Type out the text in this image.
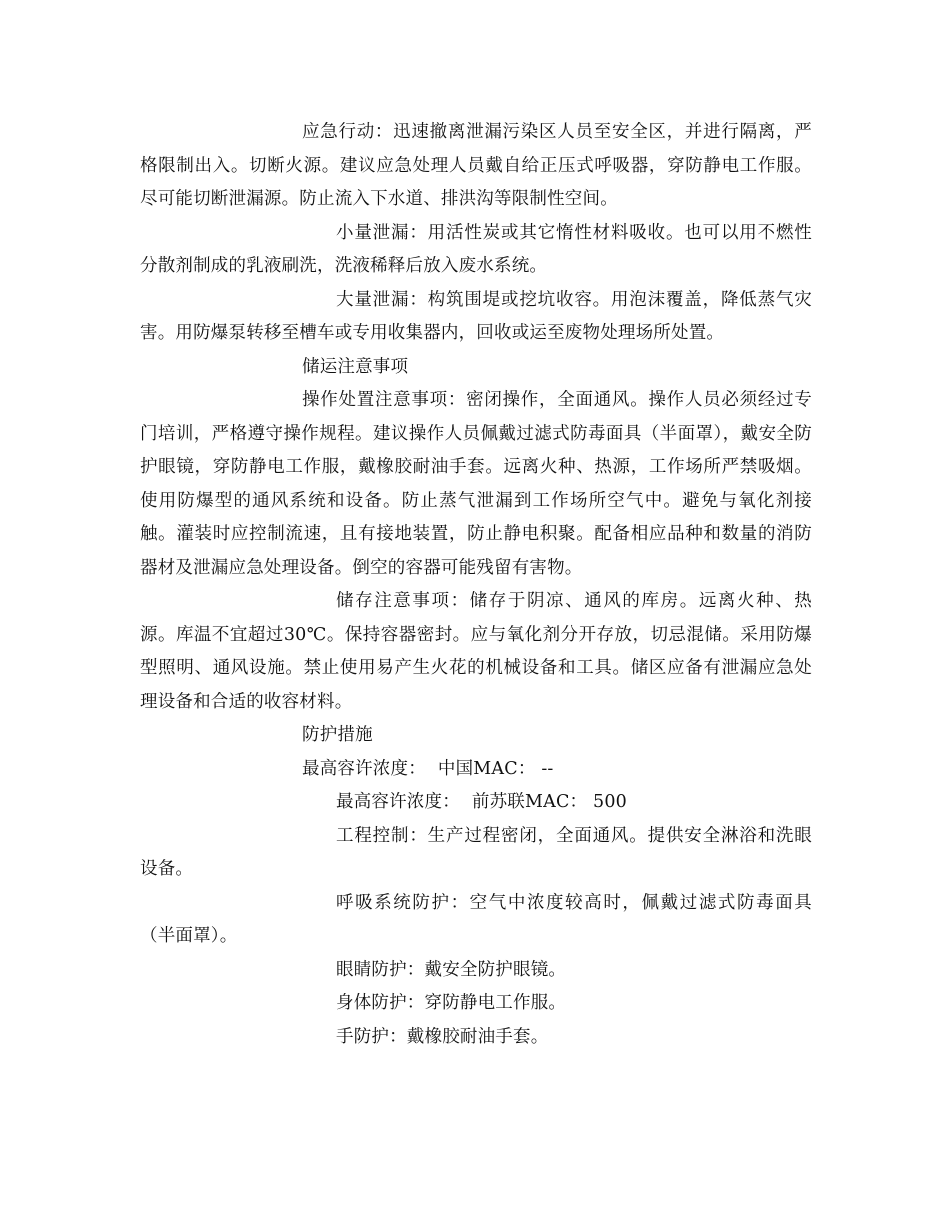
应急行动：迅速撤离泄漏污染区人员至安全区，并进行隔离，严格限制出入。切断火源。建议应急处理人员戴自给正压式呼吸器，穿防静电工作服。尽可能切断泄漏源。防止流入下水道、排洪沟等限制性空间。

小量泄漏：用活性炭或其它惰性材料吸收。也可以用不燃性分散剂制成的乳液刷洗，洗液稀释后放入废水系统。

大量泄漏：构筑围堤或挖坑收容。用泡沫覆盖，降低蒸气灾害。用防爆泵转移至槽车或专用收集器内，回收或运至废物处理场所处置。

储运注意事项

操作处置注意事项：密闭操作，全面通风。操作人员必须经过专门培训，严格遵守操作规程。建议操作人员佩戴过滤式防毒面具（半面罩），戴安全防护眼镜，穿防静电工作服，戴橡胶耐油手套。远离火种、热源，工作场所严禁吸烟。使用防爆型的通风系统和设备。防止蒸气泄漏到工作场所空气中。避免与氧化剂接触。灌装时应控制流速，且有接地装置，防止静电积聚。配备相应品种和数量的消防器材及泄漏应急处理设备。倒空的容器可能残留有害物。

储存注意事项：储存于阴凉、通风的库房。远离火种、热源。库温不宜超过30℃。保持容器密封。应与氧化剂分开存放，切忌混储。采用防爆型照明、通风设施。禁止使用易产生火花的机械设备和工具。储区应备有泄漏应急处理设备和合适的收容材料。

防护措施

最高容许浓度： 中国MAC： --

最高容许浓度： 前苏联MAC： 500

工程控制：生产过程密闭，全面通风。提供安全淋浴和洗眼设备。

呼吸系统防护：空气中浓度较高时，佩戴过滤式防毒面具（半面罩）。

眼睛防护：戴安全防护眼镜。

身体防护：穿防静电工作服。

手防护：戴橡胶耐油手套。
